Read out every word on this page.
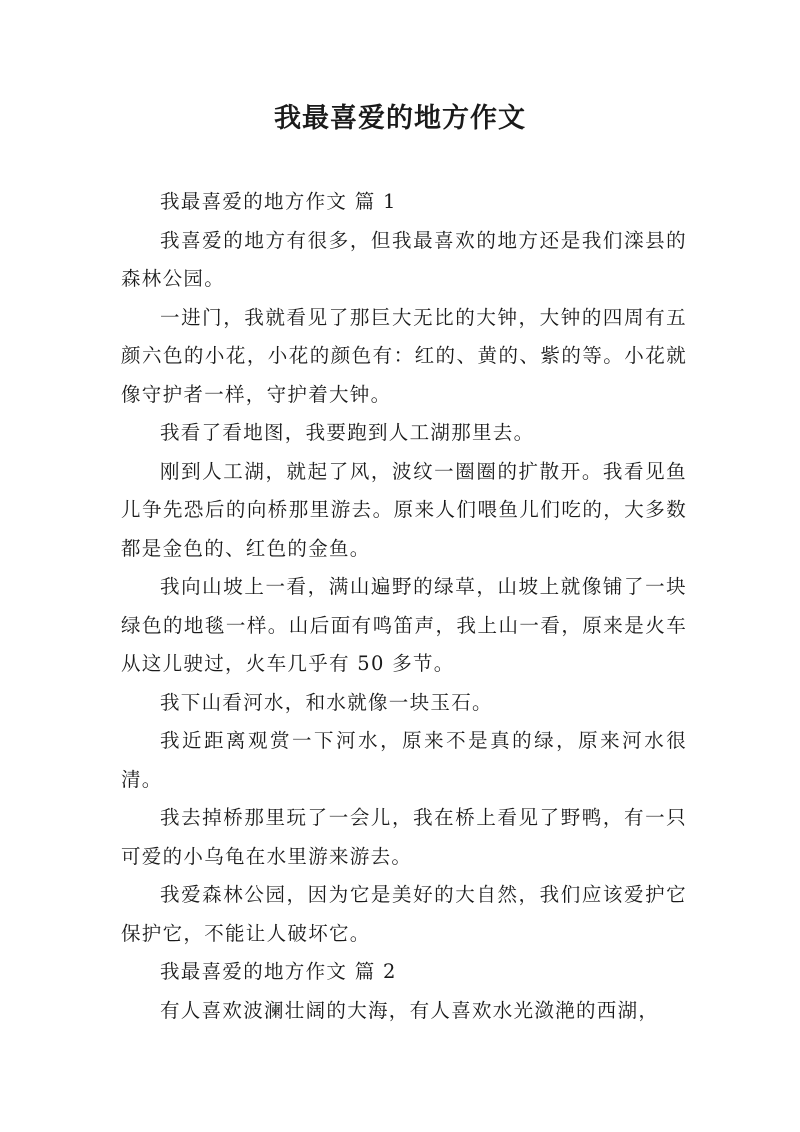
我最喜爱的地方作文

我最喜爱的地方作文 篇 1

我喜爱的地方有很多，但我最喜欢的地方还是我们滦县的森林公园。

一进门，我就看见了那巨大无比的大钟，大钟的四周有五颜六色的小花，小花的颜色有：红的、黄的、紫的等。小花就像守护者一样，守护着大钟。

我看了看地图，我要跑到人工湖那里去。

刚到人工湖，就起了风，波纹一圈圈的扩散开。我看见鱼儿争先恐后的向桥那里游去。原来人们喂鱼儿们吃的，大多数都是金色的、红色的金鱼。

我向山坡上一看，满山遍野的绿草，山坡上就像铺了一块绿色的地毯一样。山后面有鸣笛声，我上山一看，原来是火车从这儿驶过，火车几乎有 50 多节。

我下山看河水，和水就像一块玉石。

我近距离观赏一下河水，原来不是真的绿，原来河水很清。

我去掉桥那里玩了一会儿，我在桥上看见了野鸭，有一只可爱的小乌龟在水里游来游去。

我爱森林公园，因为它是美好的大自然，我们应该爱护它保护它，不能让人破坏它。

我最喜爱的地方作文 篇 2

有人喜欢波澜壮阔的大海，有人喜欢水光潋滟的西湖，
